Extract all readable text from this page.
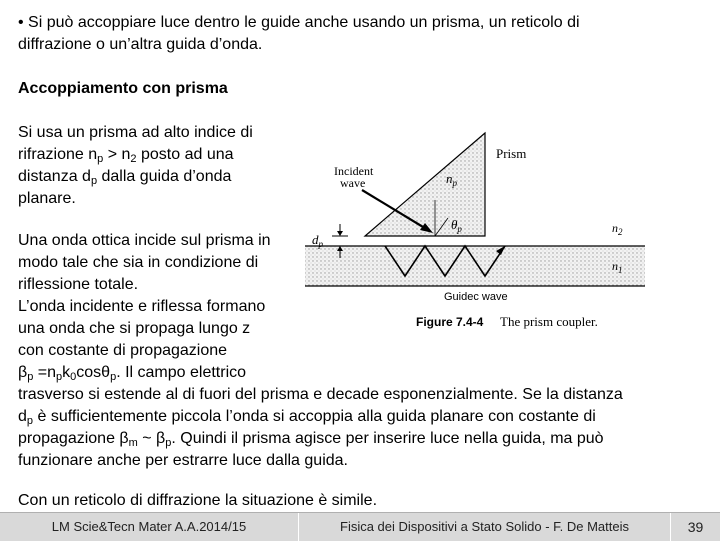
• Si può accoppiare luce dentro le guide anche usando un prisma, un reticolo di
diffrazione o un’altra guida d’onda.
Accoppiamento con prisma
Si usa un prisma ad alto indice di
rifrazione $n_p > n_2$ posto ad una
distanza $d_p$ dalla guida d’onda
planare.
Una onda ottica incide sul prisma in
modo tale che sia in condizione di
riflessione totale.
L’onda incidente e riflessa formano
una onda che si propaga lungo z
con costante di propagazione
$\beta_p =n_pk_0\cos\theta_p$. Il campo elettrico
trasverso si estende al di fuori del prisma e decade esponenzialmente. Se la distanza
$d_p$ è sufficientemente piccola l’onda si accoppia alla guida planare con costante di
propagazione $\beta_m$ ~ $\beta_p$. Quindi il prisma agisce per inserire luce nella guida, ma può
funzionare anche per estrarre luce dalla guida.
Con un reticolo di diffrazione la situazione è simile.
Prism
Incident
wave	$n_p$
$\theta_p$	$n_2$
$n_1$
$d_p$
Guidec wave
Figure 7.4-4 The prism coupler.
LM Scie&Tecn Mater A.A.2014/15	Fisica dei Dispositivi a Stato Solido - F. De Matteis	39
